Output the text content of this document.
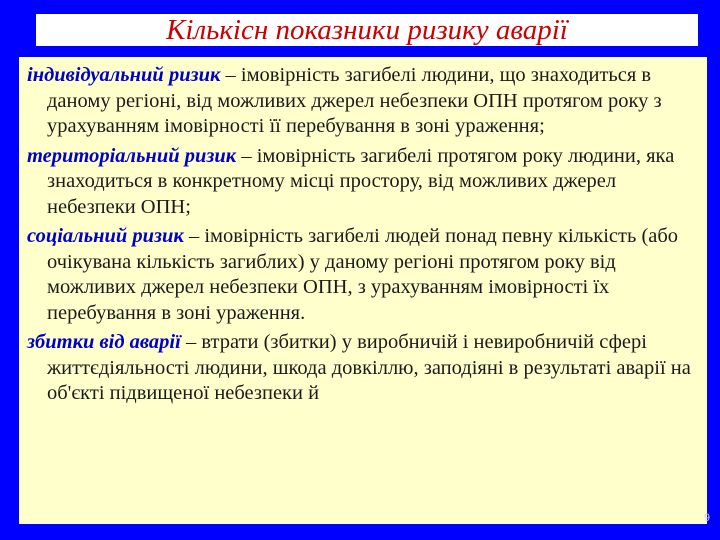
Кількісн показники ризику аварії
індивідуальний ризик – імовірність загибелі людини, що знаходиться в даному регіоні, від можливих джерел небезпеки ОПН протягом року з урахуванням імовірності її перебування в зоні ураження;
територіальний ризик – імовірність загибелі протягом року людини, яка знаходиться в конкретному місці простору, від можливих джерел небезпеки ОПН;
соціальний ризик – імовірність загибелі людей понад певну кількість (або очікувана кількість загиблих) у даному регіоні протягом року від можливих джерел небезпеки ОПН, з урахуванням імовірності їх перебування в зоні ураження.
збитки від аварії – втрати (збитки) у виробничій і невиробничій сфері життєдіяльності людини, шкода довкіллю, заподіяні в результаті аварії на об'єкті підвищеної небезпеки й
9
